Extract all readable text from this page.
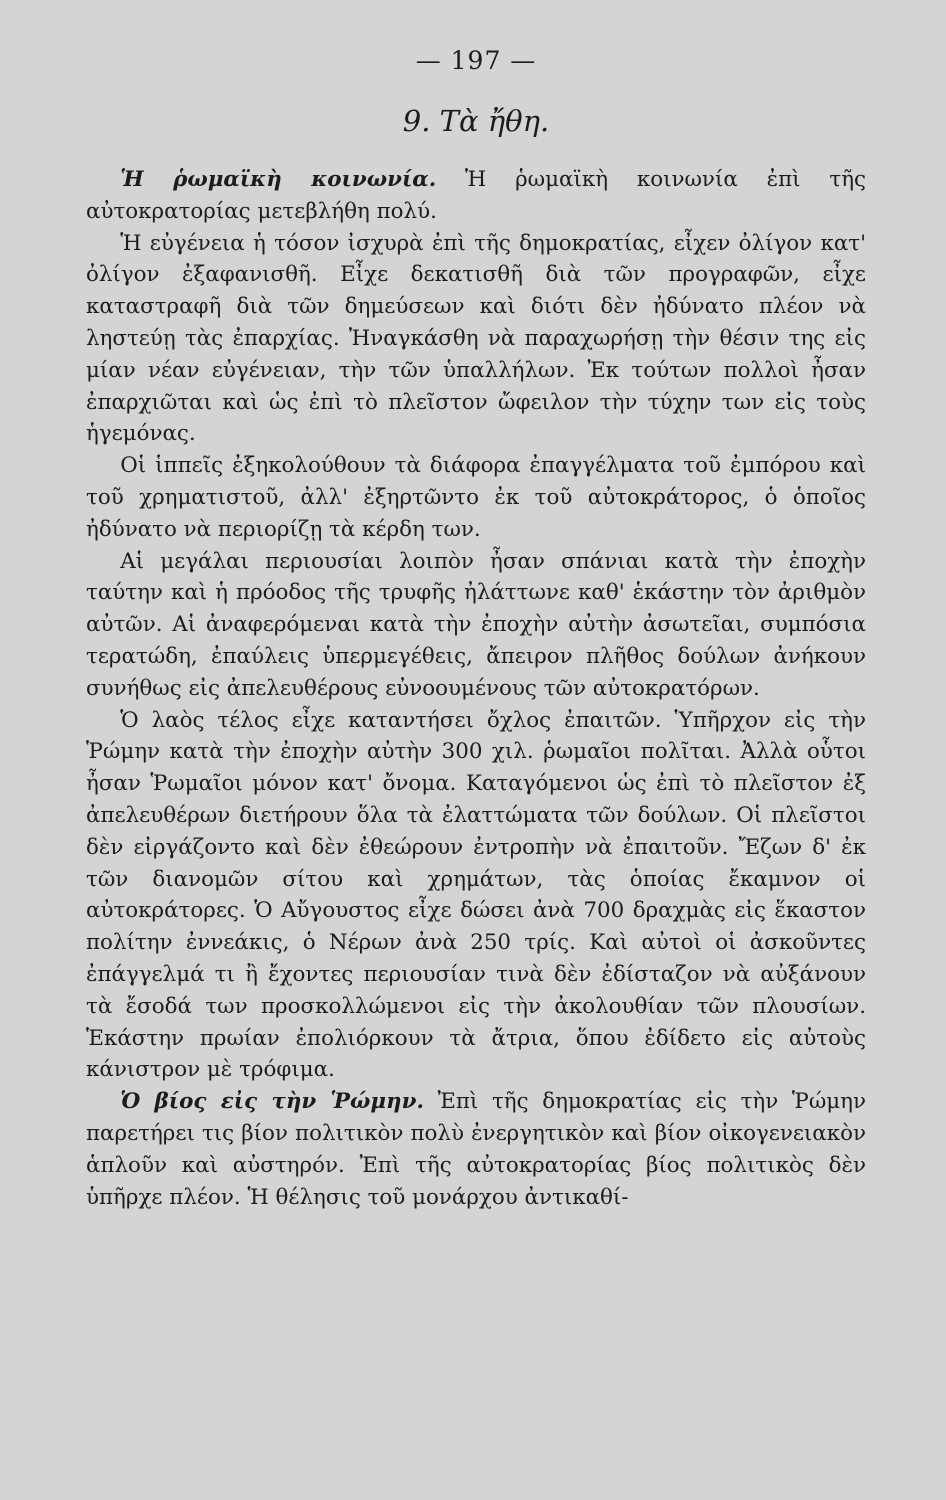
— 197 —
9. Τὰ ἤθη.

Ἡ ῥωμαϊκὴ κοινωνία. Ἡ ῥωμαϊκὴ κοινωνία ἐπὶ τῆς αὐτοκρατορίας μετεβλήθη πολύ.

Ἡ εὐγένεια ἡ τόσον ἰσχυρὰ ἐπὶ τῆς δημοκρατίας, εἶχεν ὀλίγον κατ' ὀλίγον ἐξαφανισθῆ. Εἶχε δεκατισθῆ διὰ τῶν προγραφῶν, εἶχε καταστραφῆ διὰ τῶν δημεύσεων καὶ διότι δὲν ἠδύνατο πλέον νὰ ληστεύῃ τὰς ἐπαρχίας. Ἠναγκάσθη νὰ παραχωρήσῃ τὴν θέσιν της εἰς μίαν νέαν εὐγένειαν, τὴν τῶν ὑπαλλήλων. Ἐκ τούτων πολλοὶ ἦσαν ἐπαρχιῶται καὶ ὡς ἐπὶ τὸ πλεῖστον ὤφειλον τὴν τύχην των εἰς τοὺς ἡγεμόνας.

Οἱ ἱππεῖς ἐξηκολούθουν τὰ διάφορα ἐπαγγέλματα τοῦ ἐμπόρου καὶ τοῦ χρηματιστοῦ, ἀλλ' ἐξηρτῶντο ἐκ τοῦ αὐτοκράτορος, ὁ ὁποῖος ἠδύνατο νὰ περιορίζῃ τὰ κέρδη των.

Αἱ μεγάλαι περιουσίαι λοιπὸν ἦσαν σπάνιαι κατὰ τὴν ἐποχὴν ταύτην καὶ ἡ πρόοδος τῆς τρυφῆς ἠλάττωνε καθ' ἑκάστην τὸν ἀριθμὸν αὐτῶν. Αἱ ἀναφερόμεναι κατὰ τὴν ἐποχὴν αὐτὴν ἀσωτεῖαι, συμπόσια τερατώδη, ἐπαύλεις ὑπερμεγέθεις, ἄπειρον πλῆθος δούλων ἀνήκουν συνήθως εἰς ἀπελευθέρους εὐνοουμένους τῶν αὐτοκρατόρων.

Ὁ λαὸς τέλος εἶχε καταντήσει ὄχλος ἐπαιτῶν. Ὑπῆρχον εἰς τὴν Ῥώμην κατὰ τὴν ἐποχὴν αὐτὴν 300 χιλ. ῥωμαῖοι πολῖται. Ἀλλὰ οὗτοι ἦσαν Ῥωμαῖοι μόνον κατ' ὄνομα. Καταγόμενοι ὡς ἐπὶ τὸ πλεῖστον ἐξ ἀπελευθέρων διετήρουν ὅλα τὰ ἐλαττώματα τῶν δούλων. Οἱ πλεῖστοι δὲν εἰργάζοντο καὶ δὲν ἐθεώρουν ἐντροπὴν νὰ ἐπαιτοῦν. Ἔζων δ' ἐκ τῶν διανομῶν σίτου καὶ χρημάτων, τὰς ὁποίας ἔκαμνον οἱ αὐτοκράτορες. Ὁ Αὔγουστος εἶχε δώσει ἀνὰ 700 δραχμὰς εἰς ἕκαστον πολίτην ἐννεάκις, ὁ Νέρων ἀνὰ 250 τρίς. Καὶ αὐτοὶ οἱ ἀσκοῦντες ἐπάγγελμά τι ἢ ἔχοντες περιουσίαν τινὰ δὲν ἐδίσταζον νὰ αὐξάνουν τὰ ἔσοδά των προσκολλώμενοι εἰς τὴν ἀκολουθίαν τῶν πλουσίων. Ἑκάστην πρωίαν ἐπολιόρκουν τὰ ἄτρια, ὅπου ἐδίδετο εἰς αὐτοὺς κάνιστρον μὲ τρόφιμα.

Ὁ βίος εἰς τὴν Ῥώμην. Ἐπὶ τῆς δημοκρατίας εἰς τὴν Ῥώμην παρετήρει τις βίον πολιτικὸν πολὺ ἐνεργητικὸν καὶ βίον οἰκογενειακὸν ἁπλοῦν καὶ αὐστηρόν. Ἐπὶ τῆς αὐτοκρατορίας βίος πολιτικὸς δὲν ὑπῆρχε πλέον. Ἡ θέλησις τοῦ μονάρχου ἀντικαθί-
